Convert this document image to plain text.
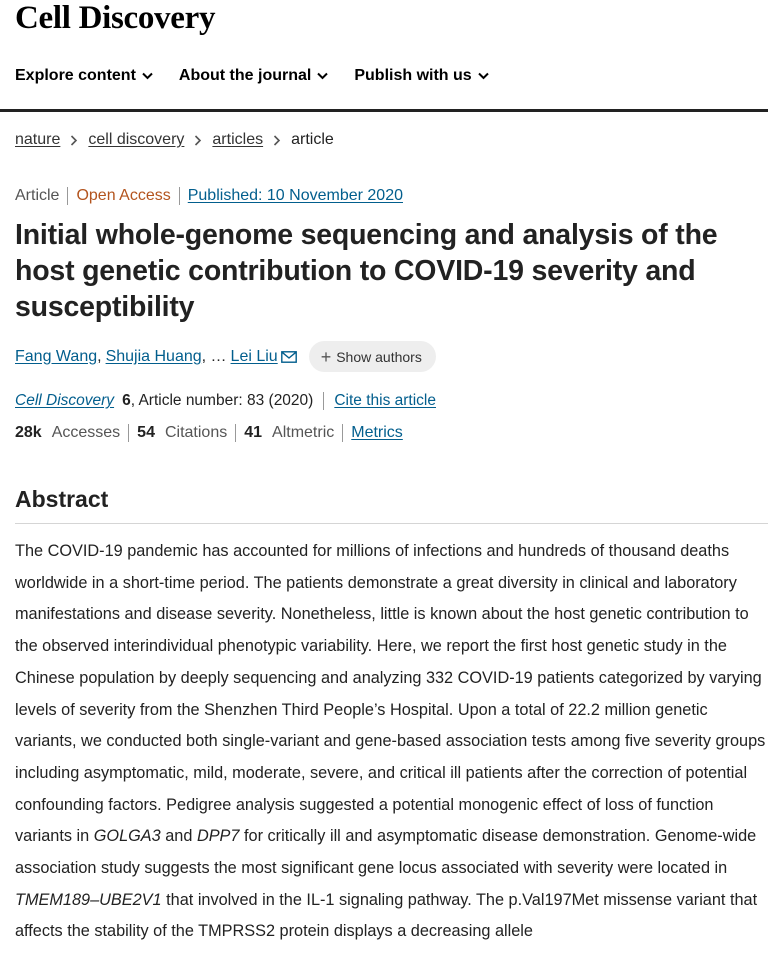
Cell Discovery
Explore content	About the journal	Publish with us
nature cell discovery articles article
Article	Open Access	Published: 10 November 2020
Initial whole-genome sequencing and analysis of the host genetic contribution to COVID-19 severity and susceptibility
Fang Wang , Shujia Huang , … Lei Liu + Show authors
Cell Discovery 6 , Article number: 83 (2020)	Cite this article
28k Accesses 54 Citations 41 Altmetric Metrics
Abstract

The COVID-19 pandemic has accounted for millions of infections and hundreds of thousand deaths worldwide in a short-time period. The patients demonstrate a great diversity in clinical and laboratory manifestations and disease severity. Nonetheless, little is known about the host genetic contribution to the observed interindividual phenotypic variability. Here, we report the first host genetic study in the Chinese population by deeply sequencing and analyzing 332 COVID-19 patients categorized by varying levels of severity from the Shenzhen Third People’s Hospital. Upon a total of 22.2 million genetic variants, we conducted both single-variant and gene-based association tests among five severity groups including asymptomatic, mild, moderate, severe, and critical ill patients after the correction of potential confounding factors. Pedigree analysis suggested a potential monogenic effect of loss of function variants in GOLGA3 and DPP7 for critically ill and asymptomatic disease demonstration. Genome-wide association study suggests the most significant gene locus associated with severity were located in TMEM189–UBE2V1 that involved in the IL-1 signaling pathway. The p.Val197Met missense variant that affects the stability of the TMPRSS2 protein displays a decreasing allele
